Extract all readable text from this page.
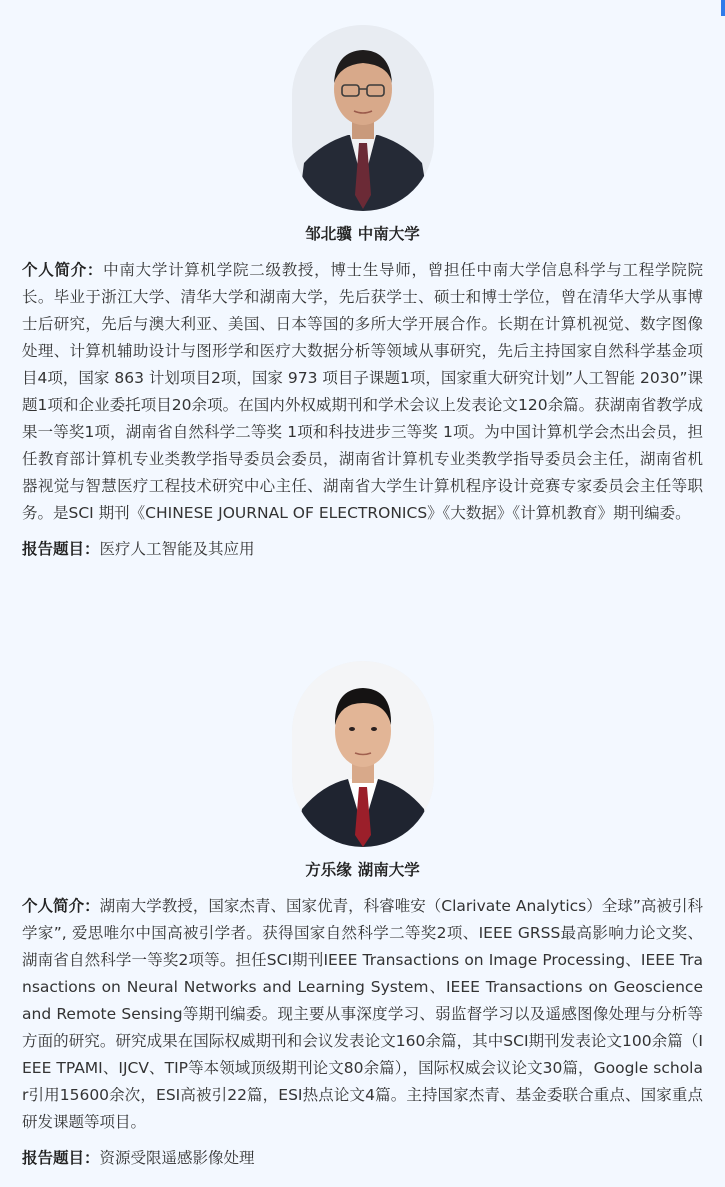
邹北骥 中南大学

个人简介：中南大学计算机学院二级教授，博士生导师，曾担任中南大学信息科学与工程学院院长。毕业于浙江大学、清华大学和湖南大学，先后获学士、硕士和博士学位，曾在清华大学从事博士后研究，先后与澳大利亚、美国、日本等国的多所大学开展合作。长期在计算机视觉、数字图像处理、计算机辅助设计与图形学和医疗大数据分析等领域从事研究，先后主持国家自然科学基金项目4项，国家 863 计划项目2项，国家 973 项目子课题1项，国家重大研究计划”人工智能 2030”课题1项和企业委托项目20余项。在国内外权威期刊和学术会议上发表论文120余篇。获湖南省教学成果一等奖1项，湖南省自然科学二等奖 1项和科技进步三等奖 1项。为中国计算机学会杰出会员，担任教育部计算机专业类教学指导委员会委员，湖南省计算机专业类教学指导委员会主任，湖南省机器视觉与智慧医疗工程技术研究中心主任、湖南省大学生计算机程序设计竞赛专家委员会主任等职务。是SCI 期刊《CHINESE JOURNAL OF ELECTRONICS》《大数据》《计算机教育》期刊编委。

报告题目：医疗人工智能及其应用

方乐缘 湖南大学

个人简介：湖南大学教授，国家杰青、国家优青，科睿唯安（Clarivate Analytics）全球”高被引科学家”, 爱思唯尔中国高被引学者。获得国家自然科学二等奖2项、IEEE GRSS最高影响力论文奖、湖南省自然科学一等奖2项等。担任SCI期刊IEEE Transactions on Image Processing、IEEE Transactions on Neural Networks and Learning System、IEEE Transactions on Geoscience and Remote Sensing等期刊编委。现主要从事深度学习、弱监督学习以及遥感图像处理与分析等方面的研究。研究成果在国际权威期刊和会议发表论文160余篇，其中SCI期刊发表论文100余篇（IEEE TPAMI、IJCV、TIP等本领域顶级期刊论文80余篇），国际权威会议论文30篇，Google scholar引用15600余次，ESI高被引22篇，ESI热点论文4篇。主持国家杰青、基金委联合重点、国家重点研发课题等项目。

报告题目：资源受限遥感影像处理
